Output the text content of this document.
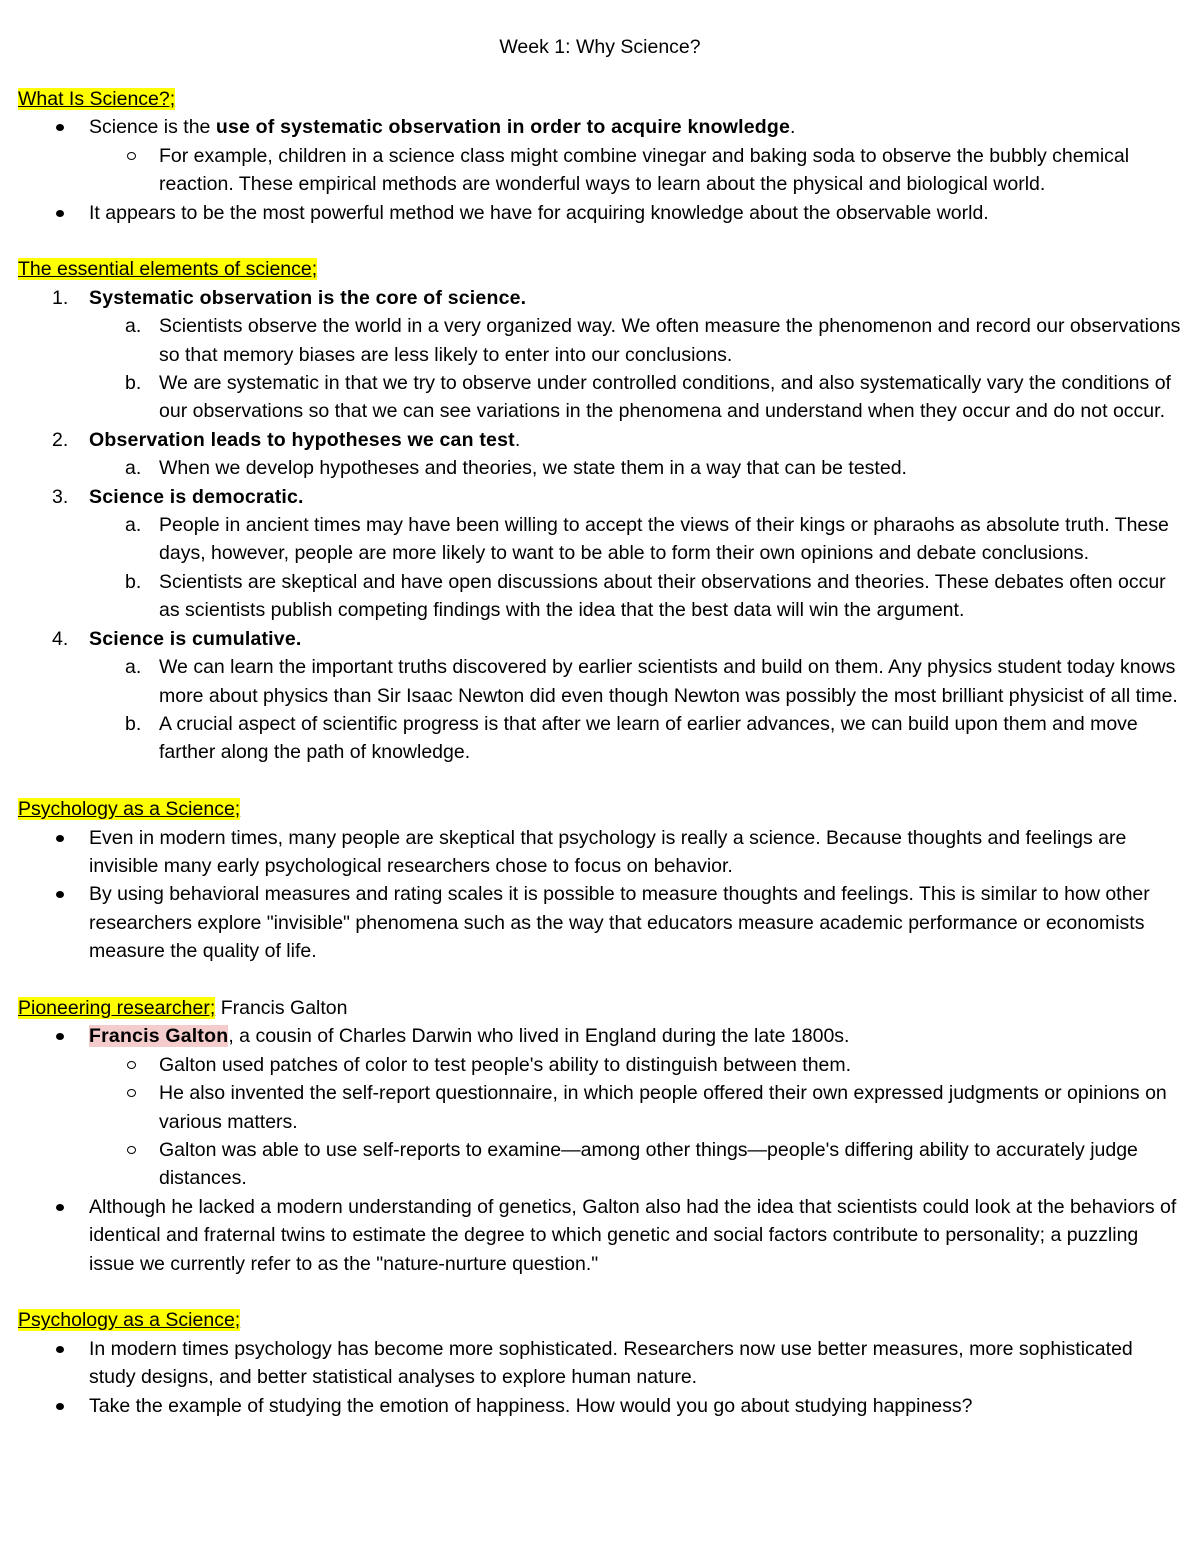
Week 1: Why Science?
What Is Science?;
Science is the use of systematic observation in order to acquire knowledge.
For example, children in a science class might combine vinegar and baking soda to observe the bubbly chemical reaction. These empirical methods are wonderful ways to learn about the physical and biological world.
It appears to be the most powerful method we have for acquiring knowledge about the observable world.
The essential elements of science;
1. Systematic observation is the core of science.
a. Scientists observe the world in a very organized way. We often measure the phenomenon and record our observations so that memory biases are less likely to enter into our conclusions.
b. We are systematic in that we try to observe under controlled conditions, and also systematically vary the conditions of our observations so that we can see variations in the phenomena and understand when they occur and do not occur.
2. Observation leads to hypotheses we can test.
a. When we develop hypotheses and theories, we state them in a way that can be tested.
3. Science is democratic.
a. People in ancient times may have been willing to accept the views of their kings or pharaohs as absolute truth. These days, however, people are more likely to want to be able to form their own opinions and debate conclusions.
b. Scientists are skeptical and have open discussions about their observations and theories. These debates often occur as scientists publish competing findings with the idea that the best data will win the argument.
4. Science is cumulative.
a. We can learn the important truths discovered by earlier scientists and build on them. Any physics student today knows more about physics than Sir Isaac Newton did even though Newton was possibly the most brilliant physicist of all time.
b. A crucial aspect of scientific progress is that after we learn of earlier advances, we can build upon them and move farther along the path of knowledge.
Psychology as a Science;
Even in modern times, many people are skeptical that psychology is really a science. Because thoughts and feelings are invisible many early psychological researchers chose to focus on behavior.
By using behavioral measures and rating scales it is possible to measure thoughts and feelings. This is similar to how other researchers explore "invisible" phenomena such as the way that educators measure academic performance or economists measure the quality of life.
Pioneering researcher; Francis Galton
Francis Galton, a cousin of Charles Darwin who lived in England during the late 1800s.
Galton used patches of color to test people's ability to distinguish between them.
He also invented the self-report questionnaire, in which people offered their own expressed judgments or opinions on various matters.
Galton was able to use self-reports to examine—among other things—people's differing ability to accurately judge distances.
Although he lacked a modern understanding of genetics, Galton also had the idea that scientists could look at the behaviors of identical and fraternal twins to estimate the degree to which genetic and social factors contribute to personality; a puzzling issue we currently refer to as the "nature-nurture question."
Psychology as a Science;
In modern times psychology has become more sophisticated. Researchers now use better measures, more sophisticated study designs, and better statistical analyses to explore human nature.
Take the example of studying the emotion of happiness. How would you go about studying happiness?
